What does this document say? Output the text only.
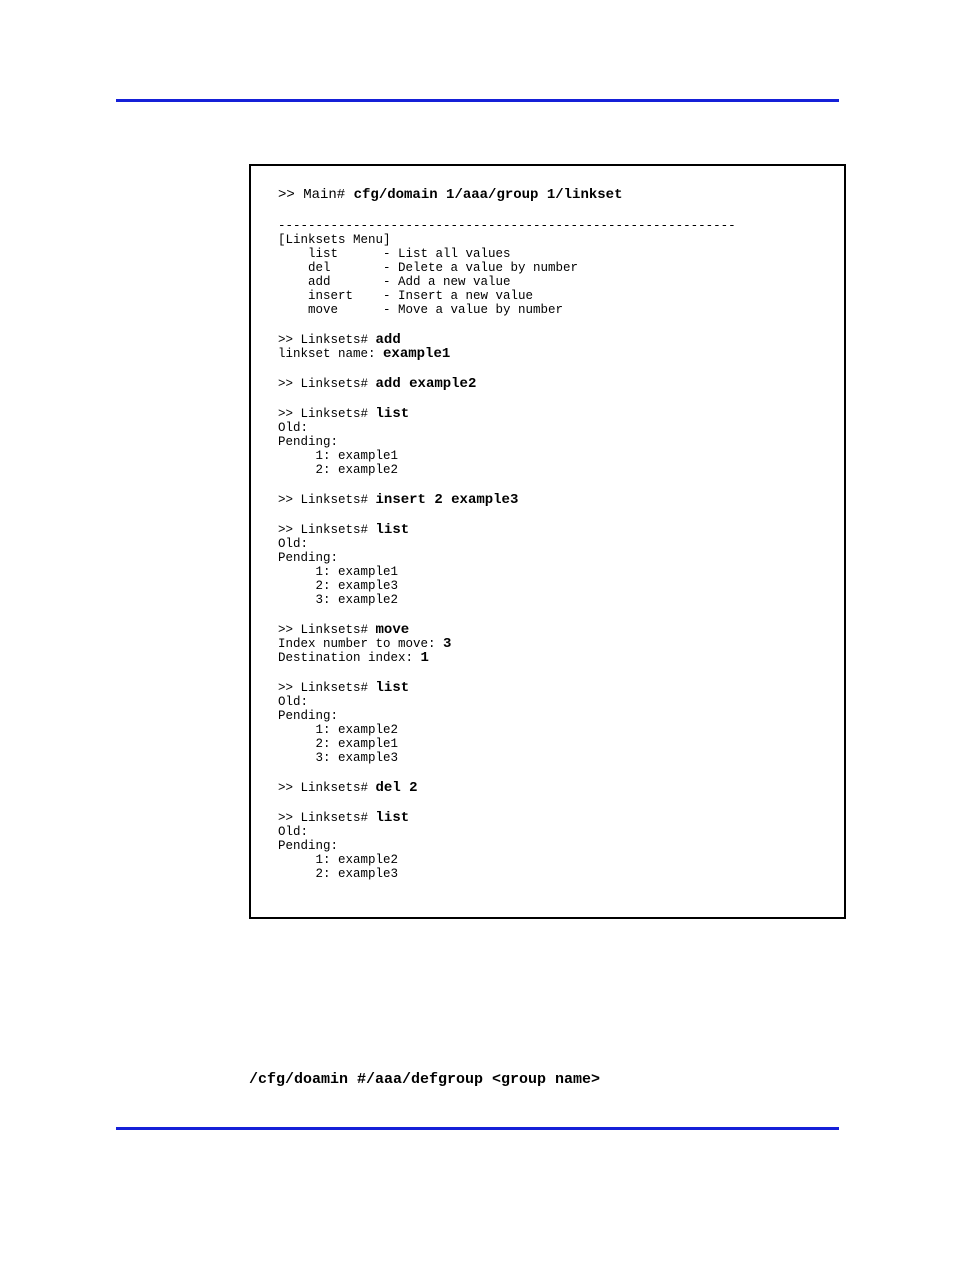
>> Main# cfg/domain 1/aaa/group 1/linkset
-------------------------------------------------------------
[Linksets Menu]
list      - List all values
del       - Delete a value by number
add       - Add a new value
insert    - Insert a new value
move      - Move a value by number
>> Linksets# add
linkset name: example1
>> Linksets# add example2
>> Linksets# list
Old:
Pending:
1: example1
2: example2
>> Linksets# insert 2 example3
>> Linksets# list
Old:
Pending:
1: example1
2: example3
3: example2
>> Linksets# move
Index number to move: 3
Destination index: 1
>> Linksets# list
Old:
Pending:
1: example2
2: example1
3: example3
>> Linksets# del 2
>> Linksets# list
Old:
Pending:
1: example2
2: example3
/cfg/doamin #/aaa/defgroup <group name>
